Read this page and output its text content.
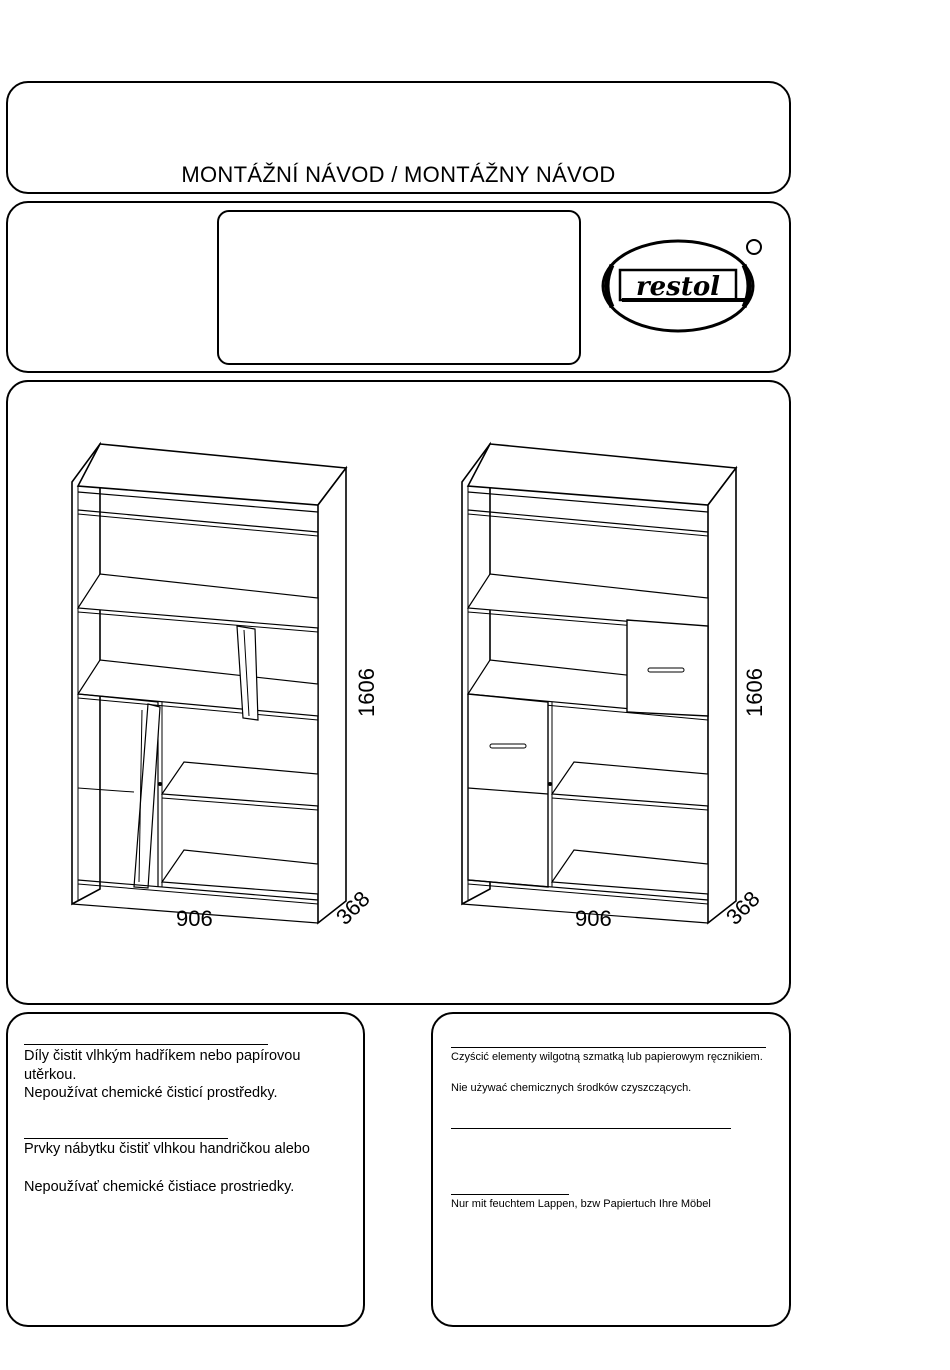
MONTÁŽNÍ NÁVOD / MONTÁŽNY NÁVOD
restol
906	368
1606
906	368
1606

Díly čistit vlhkým hadříkem nebo papírovou utěrkou.

Nepoužívat chemické čisticí prostředky.

Prvky nábytku čistiť vlhkou handričkou alebo

Nepoužívať chemické čistiace prostriedky.

Czyścić elementy wilgotną szmatką lub papierowym ręcznikiem.

Nie używać chemicznych środków czyszczących.

Nur mit feuchtem Lappen, bzw Papiertuch Ihre Möbel
